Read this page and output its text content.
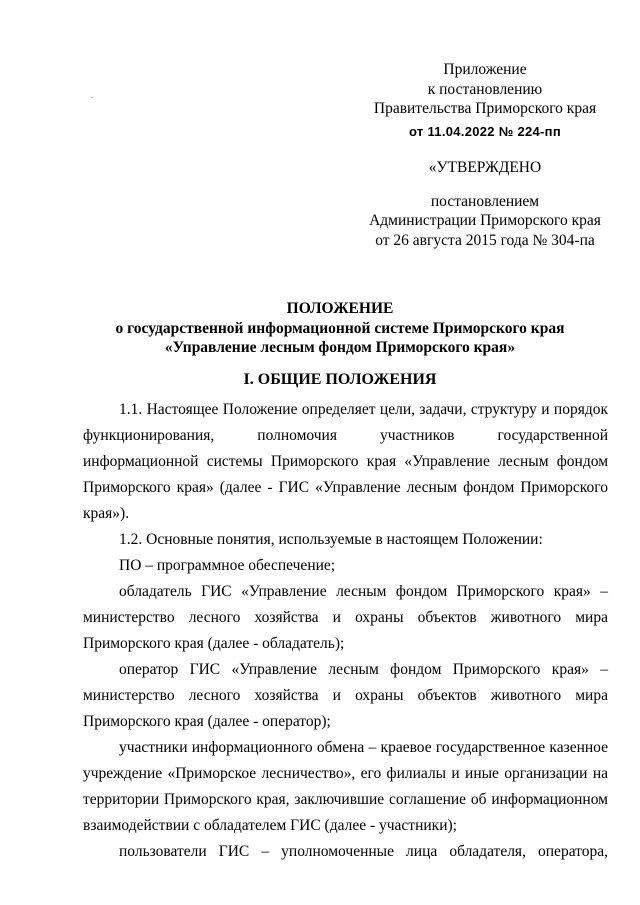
Приложение
к постановлению
Правительства Приморского края
от 11.04.2022 № 224-пп
«УТВЕРЖДЕНО
постановлением
Администрации Приморского края
от 26 августа 2015 года № 304-па
ПОЛОЖЕНИЕ
о государственной информационной системе Приморского края
«Управление лесным фондом Приморского края»
I. ОБЩИЕ ПОЛОЖЕНИЯ

1.1. Настоящее Положение определяет цели, задачи, структуру и порядок функционирования, полномочия участников государственной информационной системы Приморского края «Управление лесным фондом Приморского края» (далее - ГИС «Управление лесным фондом Приморского края»).

1.2. Основные понятия, используемые в настоящем Положении:

ПО – программное обеспечение;

обладатель ГИС «Управление лесным фондом Приморского края» – министерство лесного хозяйства и охраны объектов животного мира Приморского края (далее - обладатель);

оператор ГИС «Управление лесным фондом Приморского края» – министерство лесного хозяйства и охраны объектов животного мира Приморского края (далее - оператор);

участники информационного обмена – краевое государственное казенное учреждение «Приморское лесничество», его филиалы и иные организации на территории Приморского края, заключившие соглашение об информационном взаимодействии с обладателем ГИС (далее - участники);

пользователи ГИС – уполномоченные лица обладателя, оператора,
